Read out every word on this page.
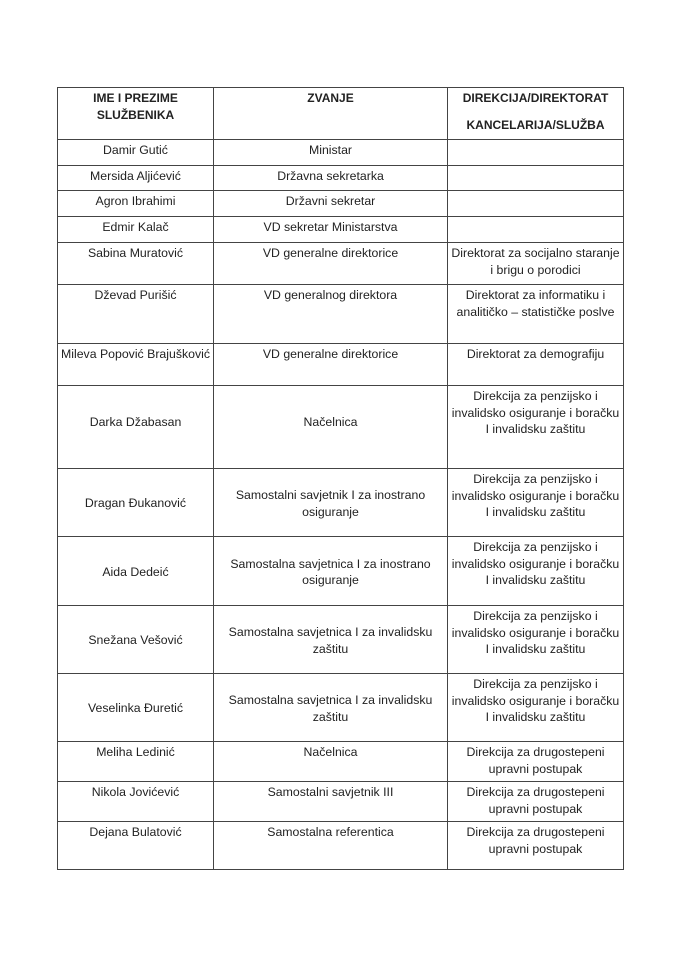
IME I PREZIME SLUŽBENIKA	ZVANJE	DIREKCIJA/DIREKTORAT
KANCELARIJA/SLUŽBA

Damir Gutić	Ministar	
Mersida Aljićević	Državna sekretarka	
Agron Ibrahimi	Državni sekretar	
Edmir Kalač	VD sekretar Ministarstva	
Sabina Muratović	VD generalne direktorice	Direktorat za socijalno staranje i brigu o porodici
Dževad Purišić	VD generalnog direktora	Direktorat za informatiku i analitičko – statističke poslve
Mileva Popović Brajušković	VD generalne direktorice	Direktorat za demografiju
Darka Džabasan	Načelnica	Direkcija za penzijsko i invalidsko osiguranje i boračku I invalidsku zaštitu
Dragan Đukanović	Samostalni savjetnik I za inostrano osiguranje	Direkcija za penzijsko i invalidsko osiguranje i boračku I invalidsku zaštitu
Aida Dedeić	Samostalna savjetnica I za inostrano osiguranje	Direkcija za penzijsko i invalidsko osiguranje i boračku I invalidsku zaštitu
Snežana Vešović	Samostalna savjetnica I za invalidsku zaštitu	Direkcija za penzijsko i invalidsko osiguranje i boračku I invalidsku zaštitu
Veselinka Đuretić	Samostalna savjetnica I za invalidsku zaštitu	Direkcija za penzijsko i invalidsko osiguranje i boračku I invalidsku zaštitu
Meliha Ledinić	Načelnica	Direkcija za drugostepeni upravni postupak
Nikola Jovićević	Samostalni savjetnik III	Direkcija za drugostepeni upravni postupak
Dejana Bulatović	Samostalna referentica	Direkcija za drugostepeni upravni postupak
